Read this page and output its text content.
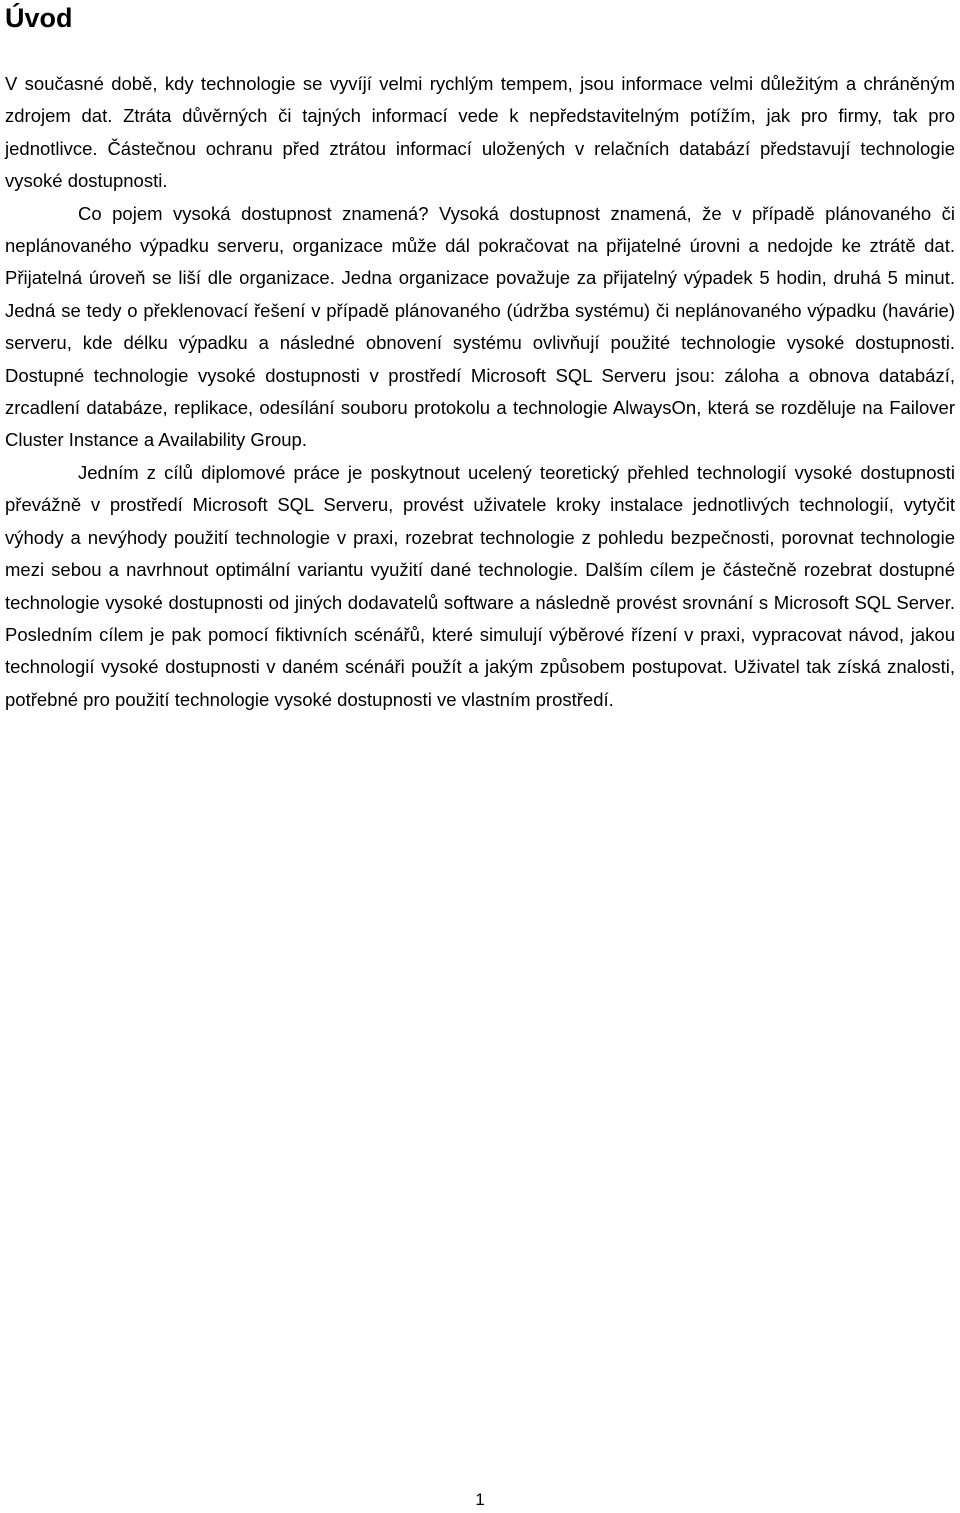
Úvod

V současné době, kdy technologie se vyvíjí velmi rychlým tempem, jsou informace velmi důležitým a chráněným zdrojem dat. Ztráta důvěrných či tajných informací vede k nepředstavitelným potížím, jak pro firmy, tak pro jednotlivce. Částečnou ochranu před ztrátou informací uložených v relačních databází představují technologie vysoké dostupnosti.

Co pojem vysoká dostupnost znamená? Vysoká dostupnost znamená, že v případě plánovaného či neplánovaného výpadku serveru, organizace může dál pokračovat na přijatelné úrovni a nedojde ke ztrátě dat. Přijatelná úroveň se liší dle organizace. Jedna organizace považuje za přijatelný výpadek 5 hodin, druhá 5 minut. Jedná se tedy o překlenovací řešení v případě plánovaného (údržba systému) či neplánovaného výpadku (havárie) serveru, kde délku výpadku a následné obnovení systému ovlivňují použité technologie vysoké dostupnosti. Dostupné technologie vysoké dostupnosti v prostředí Microsoft SQL Serveru jsou: záloha a obnova databází, zrcadlení databáze, replikace, odesílání souboru protokolu a technologie AlwaysOn, která se rozděluje na Failover Cluster Instance a Availability Group.

Jedním z cílů diplomové práce je poskytnout ucelený teoretický přehled technologií vysoké dostupnosti převážně v prostředí Microsoft SQL Serveru, provést uživatele kroky instalace jednotlivých technologií, vytyčit výhody a nevýhody použití technologie v praxi, rozebrat technologie z pohledu bezpečnosti, porovnat technologie mezi sebou a navrhnout optimální variantu využití dané technologie. Dalším cílem je částečně rozebrat dostupné technologie vysoké dostupnosti od jiných dodavatelů software a následně provést srovnání s Microsoft SQL Server. Posledním cílem je pak pomocí fiktivních scénářů, které simulují výběrové řízení v praxi, vypracovat návod, jakou technologií vysoké dostupnosti v daném scénáři použít a jakým způsobem postupovat. Uživatel tak získá znalosti, potřebné pro použití technologie vysoké dostupnosti ve vlastním prostředí.

1
